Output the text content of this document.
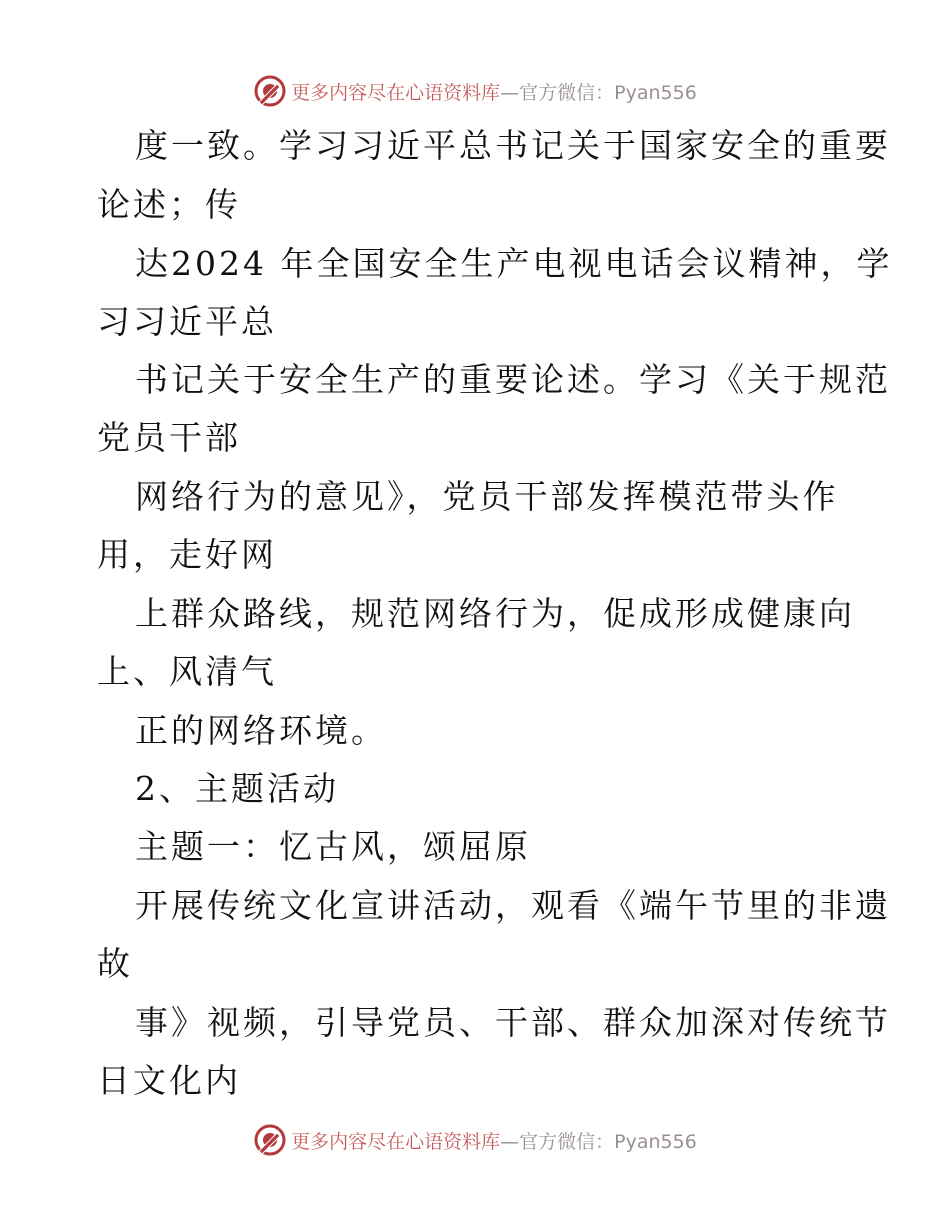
更多内容尽在心语资料库—官方微信：Pyan556
度一致。学习习近平总书记关于国家安全的重要
论述；传
达2024 年全国安全生产电视电话会议精神，学
习习近平总
书记关于安全生产的重要论述。学习《关于规范
党员干部
网络行为的意见》，党员干部发挥模范带头作
用，走好网
上群众路线，规范网络行为，促成形成健康向
上、风清气
正的网络环境。
2、主题活动
主题一：忆古风，颂屈原
开展传统文化宣讲活动，观看《端午节里的非遗
故
事》视频，引导党员、干部、群众加深对传统节
日文化内
更多内容尽在心语资料库—官方微信：Pyan556
